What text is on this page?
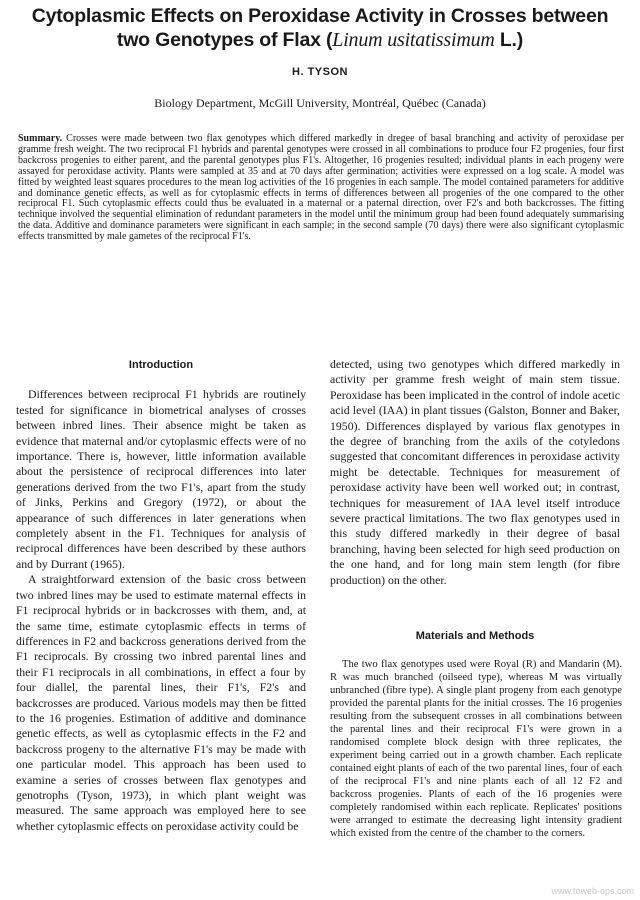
Cytoplasmic Effects on Peroxidase Activity in Crosses between
two Genotypes of Flax (Linum usitatissimum L.)
H. TYSON
Biology Department, McGill University, Montréal, Québec (Canada)
Summary. Crosses were made between two flax genotypes which differed markedly in dregee of basal branching and activity of peroxidase per gramme fresh weight. The two reciprocal F1 hybrids and parental genotypes were crossed in all combinations to produce four F2 progenies, four first backcross progenies to either parent, and the parental genotypes plus F1's. Altogether, 16 progenies resulted; individual plants in each progeny were assayed for peroxidase activity. Plants were sampled at 35 and at 70 days after germination; activities were expressed on a log scale. A model was fitted by weighted least squares procedures to the mean log activities of the 16 progenies in each sample. The model contained parameters for additive and dominance genetic effects, as well as for cytoplasmic effects in terms of differences between all progenies of the one compared to the other reciprocal F1. Such cytoplasmic effects could thus be evaluated in a maternal or a paternal direction, over F2's and both backcrosses. The fitting technique involved the sequential elimination of redundant parameters in the model until the minimum group had been found adequately summarising the data. Additive and dominance parameters were significant in each sample; in the second sample (70 days) there were also significant cytoplasmic effects transmitted by male gametes of the reciprocal F1's.
Introduction

Differences between reciprocal F1 hybrids are routinely tested for significance in biometrical analyses of crosses between inbred lines. Their absence might be taken as evidence that maternal and/or cytoplasmic effects were of no importance. There is, however, little information available about the persistence of reciprocal differences into later generations derived from the two F1's, apart from the study of Jinks, Perkins and Gregory (1972), or about the appearance of such differences in later generations when completely absent in the F1. Techniques for analysis of reciprocal differences have been described by these authors and by Durrant (1965).

A straightforward extension of the basic cross between two inbred lines may be used to estimate maternal effects in F1 reciprocal hybrids or in backcrosses with them, and, at the same time, estimate cytoplasmic effects in terms of differences in F2 and backcross generations derived from the F1 reciprocals. By crossing two inbred parental lines and their F1 reciprocals in all combinations, in effect a four by four diallel, the parental lines, their F1's, F2's and backcrosses are produced. Various models may then be fitted to the 16 progenies. Estimation of additive and dominance genetic effects, as well as cytoplasmic effects in the F2 and backcross progeny to the alternative F1's may be made with one particular model. This approach has been used to examine a series of crosses between flax genotypes and genotrophs (Tyson, 1973), in which plant weight was measured. The same approach was employed here to see whether cytoplasmic effects on peroxidase activity could be

detected, using two genotypes which differed markedly in activity per gramme fresh weight of main stem tissue. Peroxidase has been implicated in the control of indole acetic acid level (IAA) in plant tissues (Galston, Bonner and Baker, 1950). Differences displayed by various flax genotypes in the degree of branching from the axils of the cotyledons suggested that concomitant differences in peroxidase activity might be detectable. Techniques for measurement of peroxidase activity have been well worked out; in contrast, techniques for measurement of IAA level itself introduce severe practical limitations. The two flax genotypes used in this study differed markedly in their degree of basal branching, having been selected for high seed production on the one hand, and for long main stem length (for fibre production) on the other.

Materials and Methods

The two flax genotypes used were Royal (R) and Mandarin (M). R was much branched (oilseed type), whereas M was virtually unbranched (fibre type). A single plant progeny from each genotype provided the parental plants for the initial crosses. The 16 progenies resulting from the subsequent crosses in all combinations between the parental lines and their reciprocal F1's were grown in a randomised complete block design with three replicates, the experiment being carried out in a growth chamber. Each replicate contained eight plants of each of the two parental lines, four of each of the reciprocal F1's and nine plants each of all 12 F2 and backcross progenies. Plants of each of the 16 progenies were completely randomised within each replicate. Replicates' positions were arranged to estimate the decreasing light intensity gradient which existed from the centre of the chamber to the corners.

www.toweb-ops.com
